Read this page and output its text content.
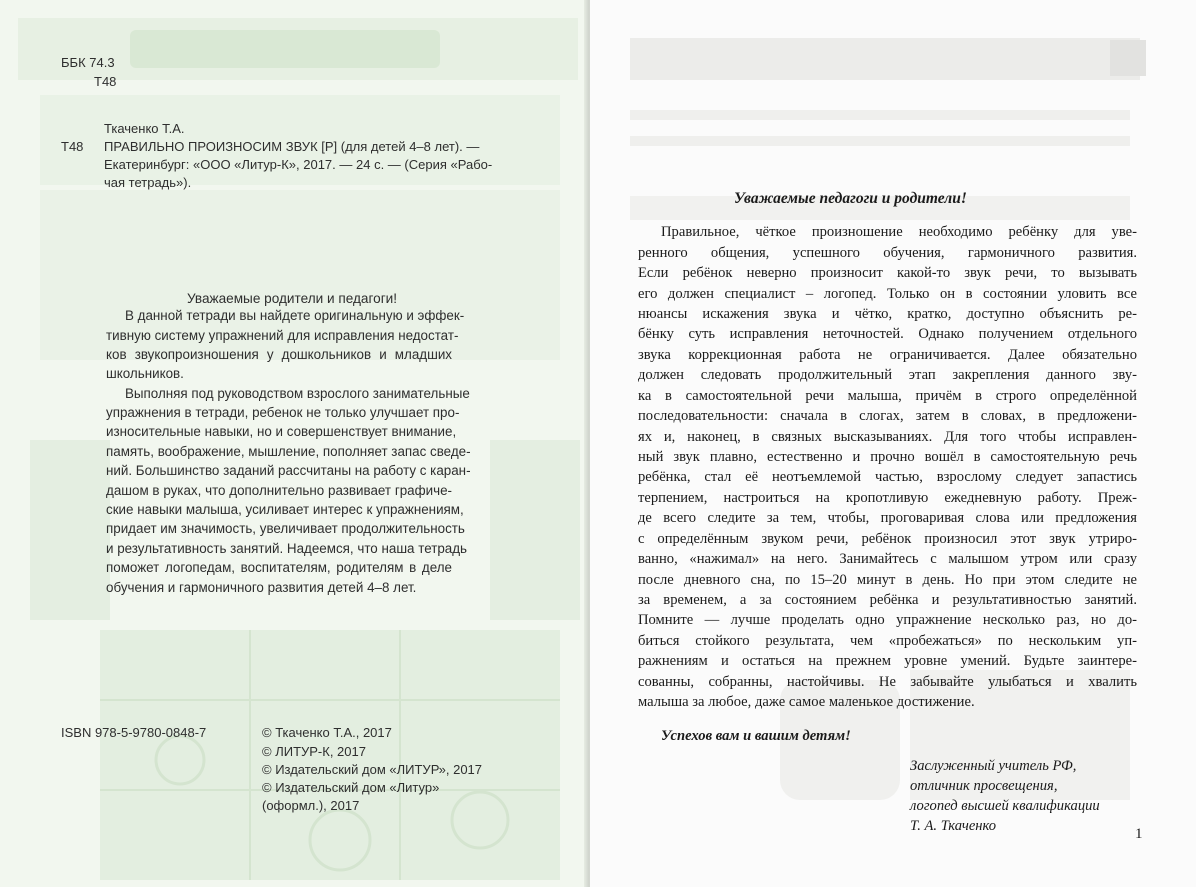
ББК 74.3
Т48
Т48
Ткаченко Т.А.
ПРАВИЛЬНО ПРОИЗНОСИМ ЗВУК [Р] (для детей 4–8 лет). —
Екатеринбург: «ООО «Литур-К», 2017. — 24 с. — (Серия «Рабо-
чая тетрадь»).
Уважаемые родители и педагоги!
В данной тетради вы найдете оригинальную и эффек-
тивную систему упражнений для исправления недостат-
ков звукопроизношения у дошкольников и младших
школьников.
Выполняя под руководством взрослого занимательные
упражнения в тетради, ребенок не только улучшает про-
износительные навыки, но и совершенствует внимание,
память, воображение, мышление, пополняет запас сведе-
ний. Большинство заданий рассчитаны на работу с каран-
дашом в руках, что дополнительно развивает графиче-
ские навыки малыша, усиливает интерес к упражнениям,
придает им значимость, увеличивает продолжительность
и результативность занятий. Надеемся, что наша тетрадь
поможет логопедам, воспитателям, родителям в деле
обучения и гармоничного развития детей 4–8 лет.
ISBN 978-5-9780-0848-7	© Ткаченко Т.А., 2017
© ЛИТУР-К, 2017
© Издательский дом «ЛИТУР», 2017
© Издательский дом «Литур»
(оформл.), 2017
Уважаемые педагоги и родители!
Правильное, чёткое произношение необходимо ребёнку для уве-
ренного общения, успешного обучения, гармоничного развития.
Если ребёнок неверно произносит какой-то звук речи, то вызывать
его должен специалист – логопед. Только он в состоянии уловить все
нюансы искажения звука и чётко, кратко, доступно объяснить ре-
бёнку суть исправления неточностей. Однако получением отдельного
звука коррекционная работа не ограничивается. Далее обязательно
должен следовать продолжительный этап закрепления данного зву-
ка в самостоятельной речи малыша, причём в строго определённой
последовательности: сначала в слогах, затем в словах, в предложени-
ях и, наконец, в связных высказываниях. Для того чтобы исправлен-
ный звук плавно, естественно и прочно вошёл в самостоятельную речь
ребёнка, стал её неотъемлемой частью, взрослому следует запастись
терпением, настроиться на кропотливую ежедневную работу. Преж-
де всего следите за тем, чтобы, проговаривая слова или предложения
с определённым звуком речи, ребёнок произносил этот звук утриро-
ванно, «нажимал» на него. Занимайтесь с малышом утром или сразу
после дневного сна, по 15–20 минут в день. Но при этом следите не
за временем, а за состоянием ребёнка и результативностью занятий.
Помните — лучше проделать одно упражнение несколько раз, но до-
биться стойкого результата, чем «пробежаться» по нескольким уп-
ражнениям и остаться на прежнем уровне умений. Будьте заинтере-
сованны, собранны, настойчивы. Не забывайте улыбаться и хвалить
малыша за любое, даже самое маленькое достижение.
Успехов вам и вашим детям!
Заслуженный учитель РФ,
отличник просвещения,
логопед высшей квалификации
Т. А. Ткаченко	1
